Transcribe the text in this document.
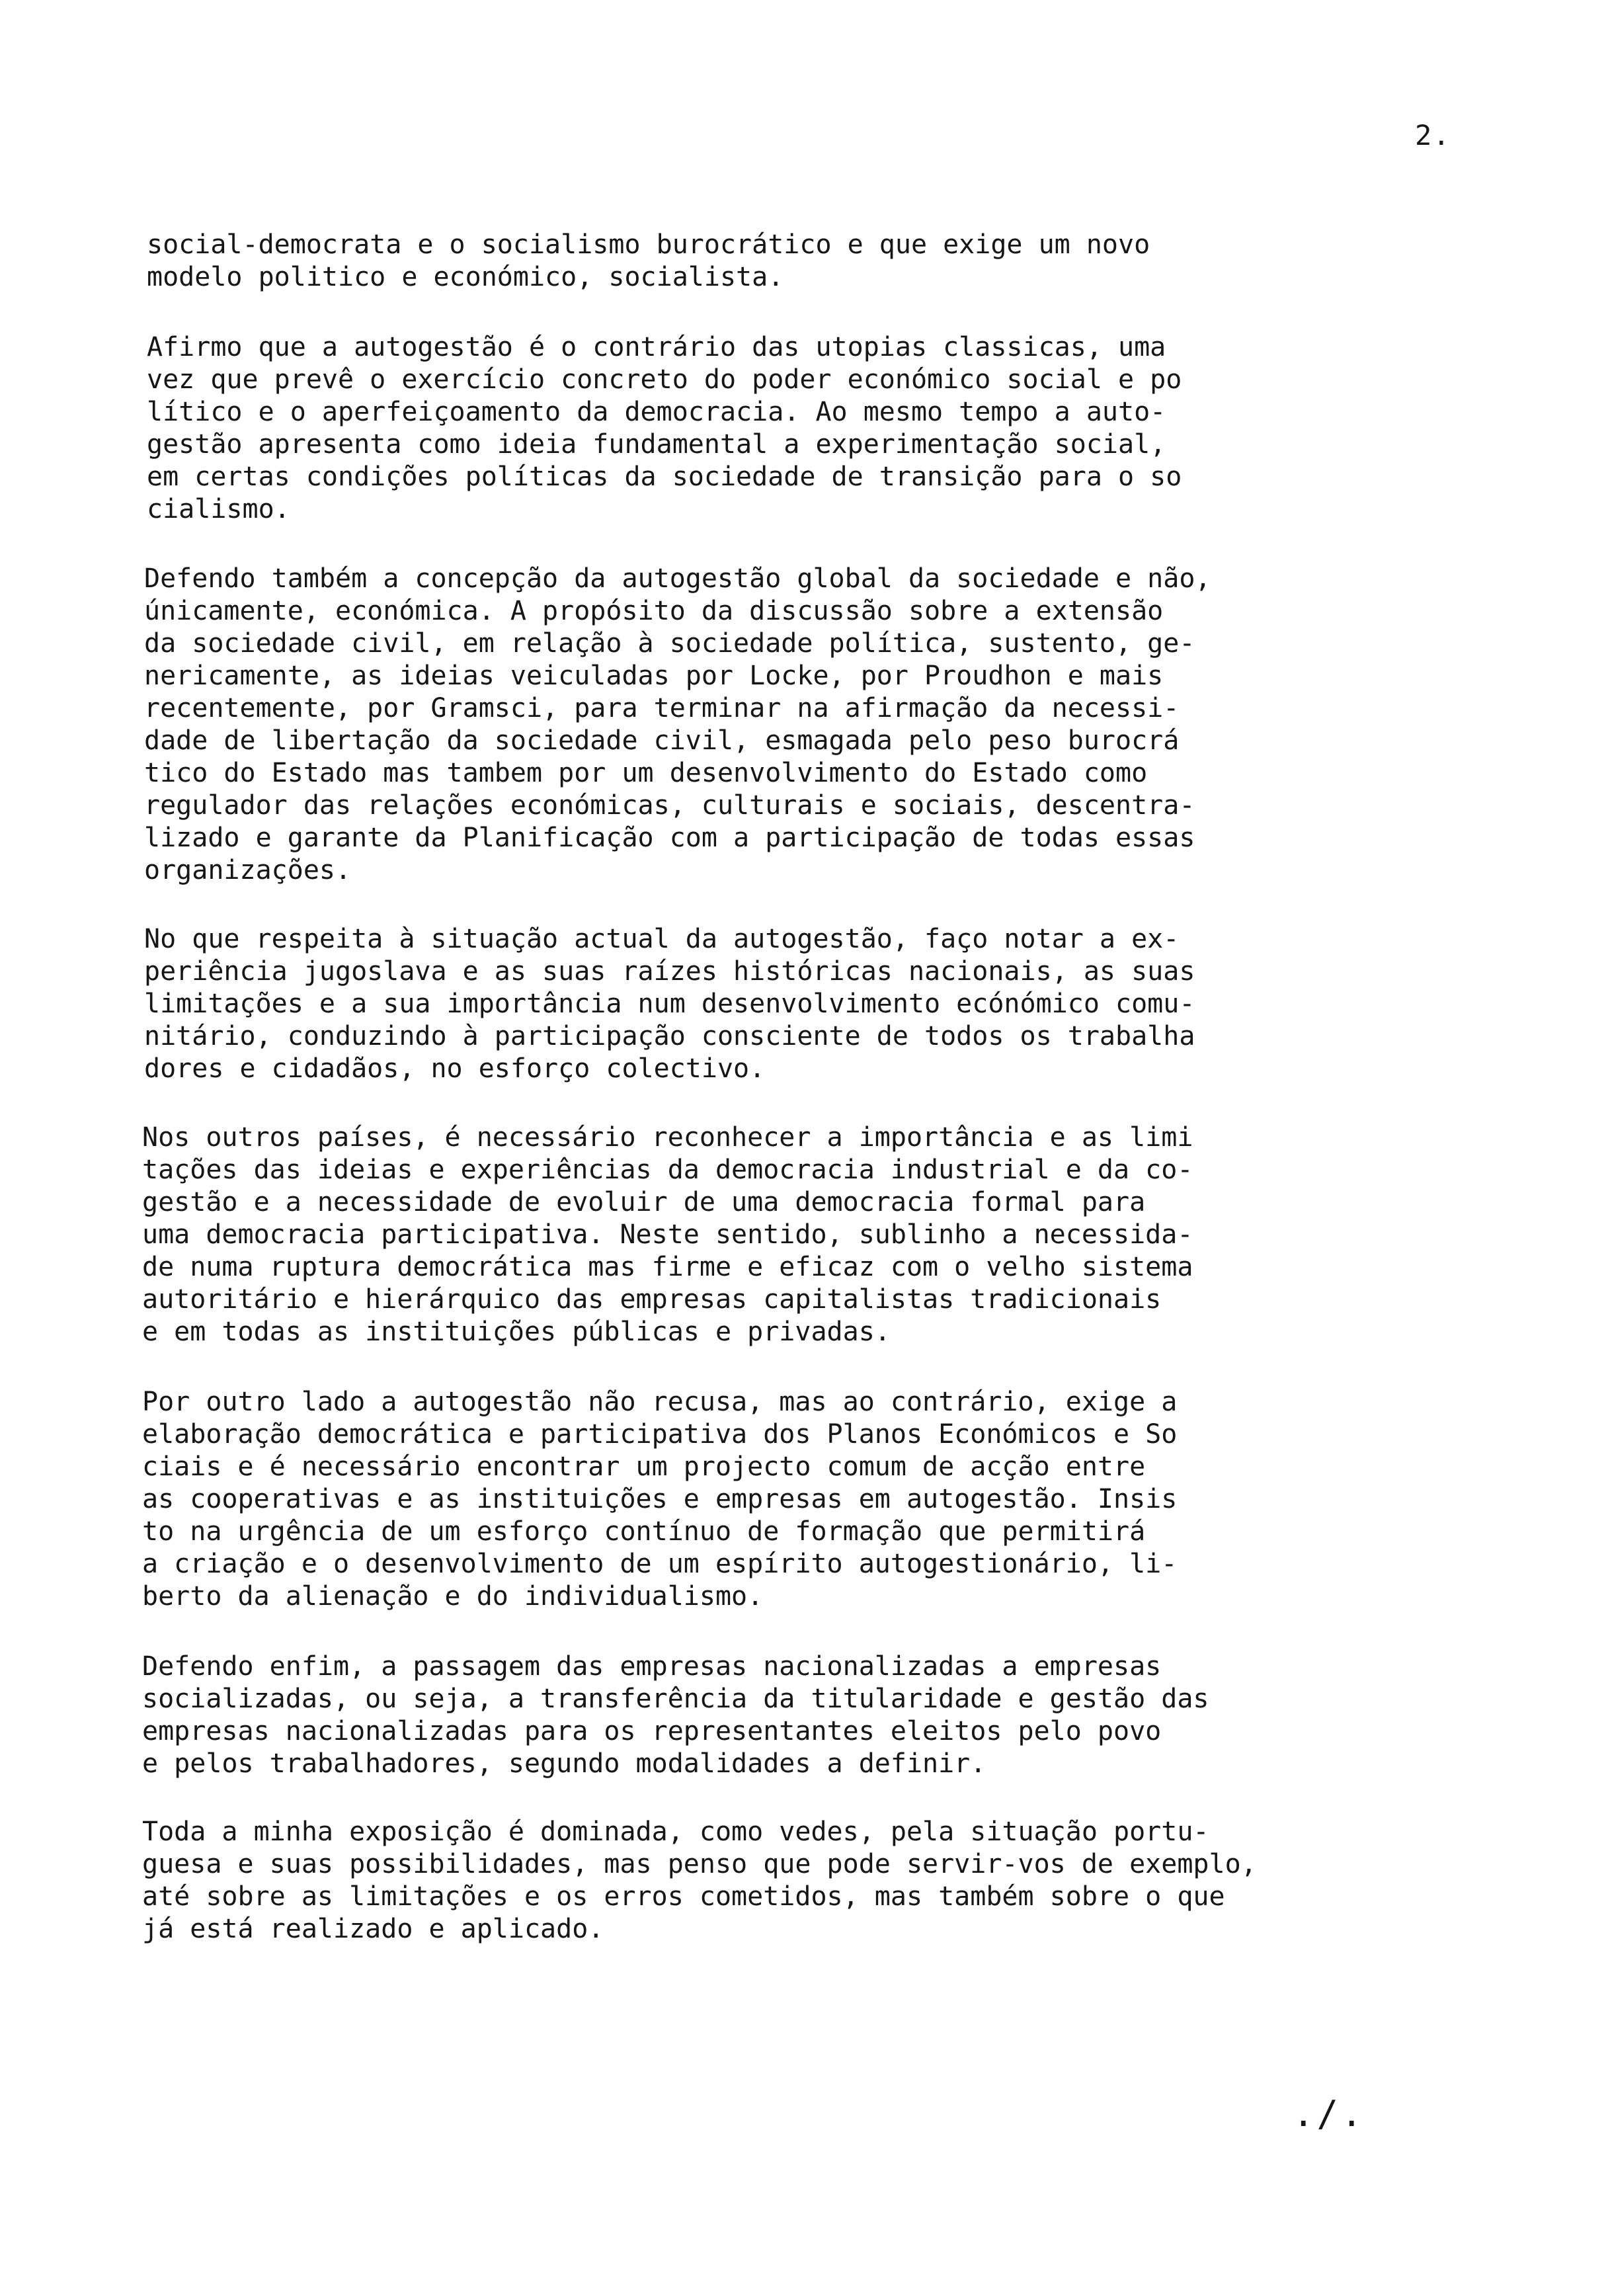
2.
social-democrata e o socialismo burocrático e que exige um novo
modelo politico e económico, socialista.
Afirmo que a autogestão é o contrário das utopias classicas, uma
vez que prevê o exercício concreto do poder económico social e po
lítico e o aperfeiçoamento da democracia. Ao mesmo tempo a auto-
gestão apresenta como ideia fundamental a experimentação social,
em certas condições políticas da sociedade de transição para o so
cialismo.
Defendo também a concepção da autogestão global da sociedade e não,
únicamente, económica. A propósito da discussão sobre a extensão
da sociedade civil, em relação à sociedade política, sustento, ge-
nericamente, as ideias veiculadas por Locke, por Proudhon e mais
recentemente, por Gramsci, para terminar na afirmação da necessi-
dade de libertação da sociedade civil, esmagada pelo peso burocrá
tico do Estado mas tambem por um desenvolvimento do Estado como
regulador das relações económicas, culturais e sociais, descentra-
lizado e garante da Planificação com a participação de todas essas
organizações.
No que respeita à situação actual da autogestão, faço notar a ex-
periência jugoslava e as suas raízes históricas nacionais, as suas
limitações e a sua importância num desenvolvimento ecónómico comu-
nitário, conduzindo à participação consciente de todos os trabalha
dores e cidadãos, no esforço colectivo.
Nos outros países, é necessário reconhecer a importância e as limi
tações das ideias e experiências da democracia industrial e da co-
gestão e a necessidade de evoluir de uma democracia formal para
uma democracia participativa. Neste sentido, sublinho a necessida-
de numa ruptura democrática mas firme e eficaz com o velho sistema
autoritário e hierárquico das empresas capitalistas tradicionais
e em todas as instituições públicas e privadas.
Por outro lado a autogestão não recusa, mas ao contrário, exige a
elaboração democrática e participativa dos Planos Económicos e So
ciais e é necessário encontrar um projecto comum de acção entre
as cooperativas e as instituições e empresas em autogestão. Insis
to na urgência de um esforço contínuo de formação que permitirá
a criação e o desenvolvimento de um espírito autogestionário, li-
berto da alienação e do individualismo.
Defendo enfim, a passagem das empresas nacionalizadas a empresas
socializadas, ou seja, a transferência da titularidade e gestão das
empresas nacionalizadas para os representantes eleitos pelo povo
e pelos trabalhadores, segundo modalidades a definir.
Toda a minha exposição é dominada, como vedes, pela situação portu-
guesa e suas possibilidades, mas penso que pode servir-vos de exemplo,
até sobre as limitações e os erros cometidos, mas também sobre o que
já está realizado e aplicado.
./.
